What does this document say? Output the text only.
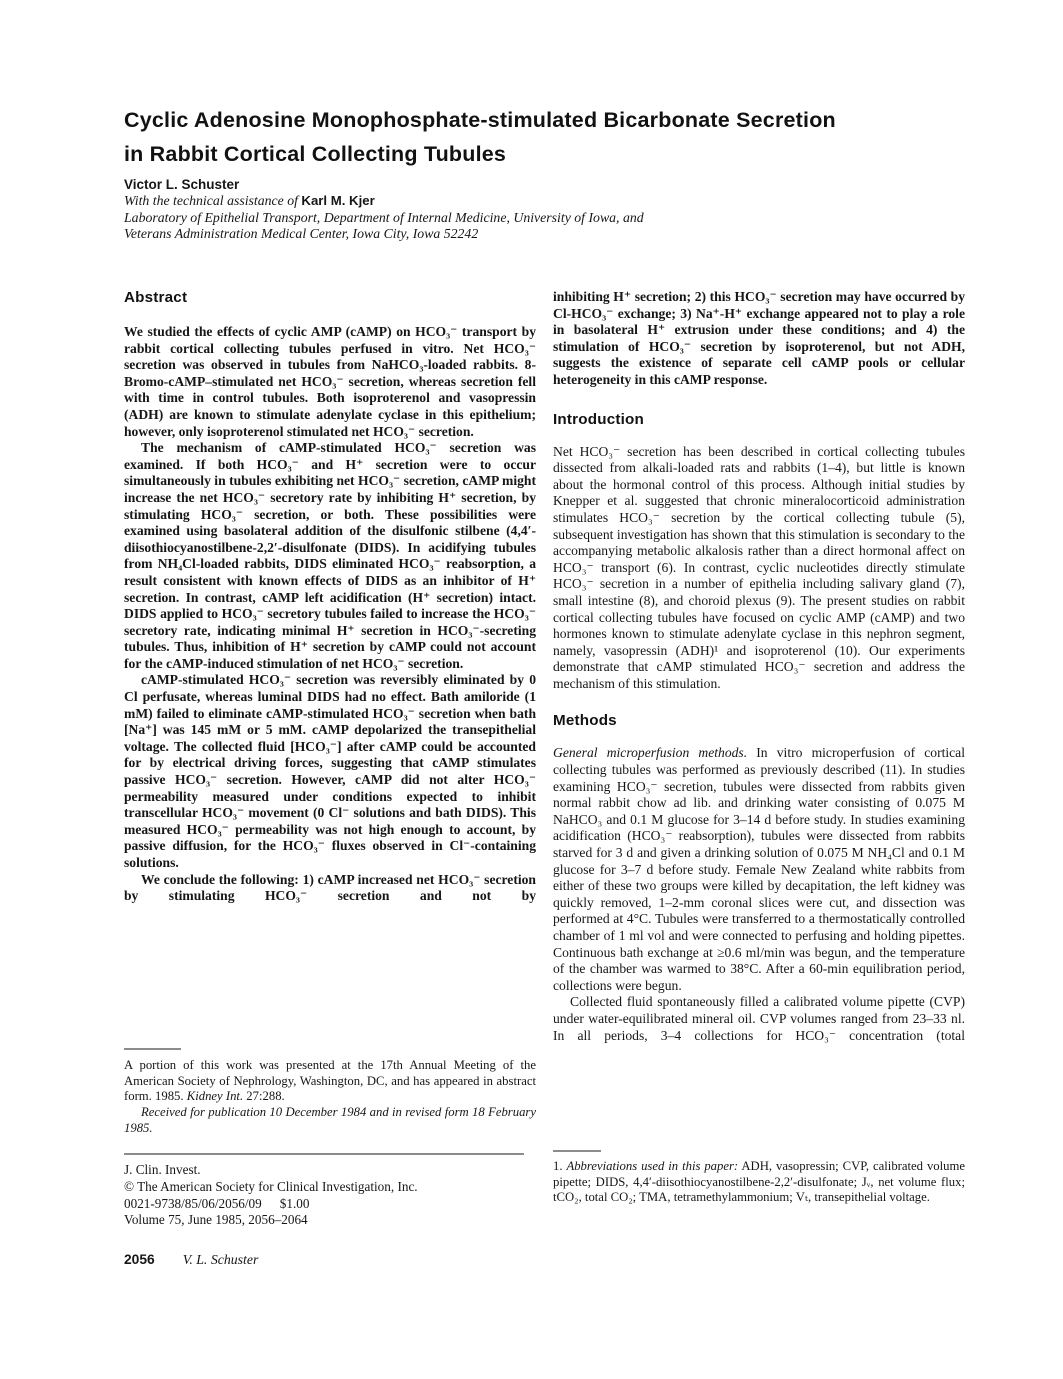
Cyclic Adenosine Monophosphate-stimulated Bicarbonate Secretion
in Rabbit Cortical Collecting Tubules
Victor L. Schuster
With the technical assistance of Karl M. Kjer
Laboratory of Epithelial Transport, Department of Internal Medicine, University of Iowa, and
Veterans Administration Medical Center, Iowa City, Iowa 52242
Abstract

We studied the effects of cyclic AMP (cAMP) on HCO₃⁻ transport by rabbit cortical collecting tubules perfused in vitro. Net HCO₃⁻ secretion was observed in tubules from NaHCO₃-loaded rabbits. 8-Bromo-cAMP–stimulated net HCO₃⁻ secretion, whereas secretion fell with time in control tubules. Both isoproterenol and vasopressin (ADH) are known to stimulate adenylate cyclase in this epithelium; however, only isoproterenol stimulated net HCO₃⁻ secretion.

The mechanism of cAMP-stimulated HCO₃⁻ secretion was examined. If both HCO₃⁻ and H⁺ secretion were to occur simultaneously in tubules exhibiting net HCO₃⁻ secretion, cAMP might increase the net HCO₃⁻ secretory rate by inhibiting H⁺ secretion, by stimulating HCO₃⁻ secretion, or both. These possibilities were examined using basolateral addition of the disulfonic stilbene (4,4′-diisothiocyanostilbene-2,2′-disulfonate (DIDS). In acidifying tubules from NH₄Cl-loaded rabbits, DIDS eliminated HCO₃⁻ reabsorption, a result consistent with known effects of DIDS as an inhibitor of H⁺ secretion. In contrast, cAMP left acidification (H⁺ secretion) intact. DIDS applied to HCO₃⁻ secretory tubules failed to increase the HCO₃⁻ secretory rate, indicating minimal H⁺ secretion in HCO₃⁻-secreting tubules. Thus, inhibition of H⁺ secretion by cAMP could not account for the cAMP-induced stimulation of net HCO₃⁻ secretion.

cAMP-stimulated HCO₃⁻ secretion was reversibly eliminated by 0 Cl perfusate, whereas luminal DIDS had no effect. Bath amiloride (1 mM) failed to eliminate cAMP-stimulated HCO₃⁻ secretion when bath [Na⁺] was 145 mM or 5 mM. cAMP depolarized the transepithelial voltage. The collected fluid [HCO₃⁻] after cAMP could be accounted for by electrical driving forces, suggesting that cAMP stimulates passive HCO₃⁻ secretion. However, cAMP did not alter HCO₃⁻ permeability measured under conditions expected to inhibit transcellular HCO₃⁻ movement (0 Cl⁻ solutions and bath DIDS). This measured HCO₃⁻ permeability was not high enough to account, by passive diffusion, for the HCO₃⁻ fluxes observed in Cl⁻-containing solutions.

We conclude the following: 1) cAMP increased net HCO₃⁻ secretion by stimulating HCO₃⁻ secretion and not by

inhibiting H⁺ secretion; 2) this HCO₃⁻ secretion may have occurred by Cl-HCO₃⁻ exchange; 3) Na⁺-H⁺ exchange appeared not to play a role in basolateral H⁺ extrusion under these conditions; and 4) the stimulation of HCO₃⁻ secretion by isoproterenol, but not ADH, suggests the existence of separate cell cAMP pools or cellular heterogeneity in this cAMP response.

Introduction

Net HCO₃⁻ secretion has been described in cortical collecting tubules dissected from alkali-loaded rats and rabbits (1–4), but little is known about the hormonal control of this process. Although initial studies by Knepper et al. suggested that chronic mineralocorticoid administration stimulates HCO₃⁻ secretion by the cortical collecting tubule (5), subsequent investigation has shown that this stimulation is secondary to the accompanying metabolic alkalosis rather than a direct hormonal affect on HCO₃⁻ transport (6). In contrast, cyclic nucleotides directly stimulate HCO₃⁻ secretion in a number of epithelia including salivary gland (7), small intestine (8), and choroid plexus (9). The present studies on rabbit cortical collecting tubules have focused on cyclic AMP (cAMP) and two hormones known to stimulate adenylate cyclase in this nephron segment, namely, vasopressin (ADH)¹ and isoproterenol (10). Our experiments demonstrate that cAMP stimulated HCO₃⁻ secretion and address the mechanism of this stimulation.

Methods

General microperfusion methods. In vitro microperfusion of cortical collecting tubules was performed as previously described (11). In studies examining HCO₃⁻ secretion, tubules were dissected from rabbits given normal rabbit chow ad lib. and drinking water consisting of 0.075 M NaHCO₃ and 0.1 M glucose for 3–14 d before study. In studies examining acidification (HCO₃⁻ reabsorption), tubules were dissected from rabbits starved for 3 d and given a drinking solution of 0.075 M NH₄Cl and 0.1 M glucose for 3–7 d before study. Female New Zealand white rabbits from either of these two groups were killed by decapitation, the left kidney was quickly removed, 1–2-mm coronal slices were cut, and dissection was performed at 4°C. Tubules were transferred to a thermostatically controlled chamber of 1 ml vol and were connected to perfusing and holding pipettes. Continuous bath exchange at ≥0.6 ml/min was begun, and the temperature of the chamber was warmed to 38°C. After a 60-min equilibration period, collections were begun.

Collected fluid spontaneously filled a calibrated volume pipette (CVP) under water-equilibrated mineral oil. CVP volumes ranged from 23–33 nl. In all periods, 3–4 collections for HCO₃⁻ concentration (total

A portion of this work was presented at the 17th Annual Meeting of the American Society of Nephrology, Washington, DC, and has appeared in abstract form. 1985. Kidney Int. 27:288.

Received for publication 10 December 1984 and in revised form 18 February 1985.

J. Clin. Invest.

© The American Society for Clinical Investigation, Inc.

0021-9738/85/06/2056/09 $1.00

Volume 75, June 1985, 2056–2064

1. Abbreviations used in this paper: ADH, vasopressin; CVP, calibrated volume pipette; DIDS, 4,4′-diisothiocyanostilbene-2,2′-disulfonate; Jᵥ, net volume flux; tCO₂, total CO₂; TMA, tetramethylammonium; Vₜ, transepithelial voltage.

2056 V. L. Schuster
